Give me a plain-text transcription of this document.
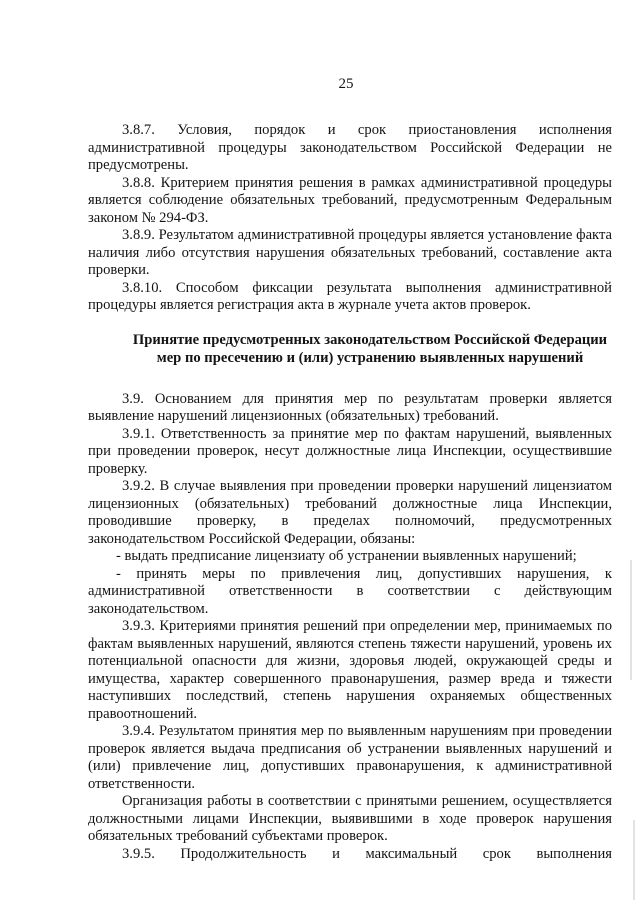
25

3.8.7. Условия, порядок и срок приостановления исполнения административной процедуры законодательством Российской Федерации не предусмотрены.

3.8.8. Критерием принятия решения в рамках административной процедуры является соблюдение обязательных требований, предусмотренным Федеральным законом № 294-ФЗ.

3.8.9. Результатом административной процедуры является установление факта наличия либо отсутствия нарушения обязательных требований, составление акта проверки.

3.8.10. Способом фиксации результата выполнения административной процедуры является регистрация акта в журнале учета актов проверок.

Принятие предусмотренных законодательством Российской Федерации
мер по пресечению и (или) устранению выявленных нарушений

3.9. Основанием для принятия мер по результатам проверки является выявление нарушений лицензионных (обязательных) требований.

3.9.1. Ответственность за принятие мер по фактам нарушений, выявленных при проведении проверок, несут должностные лица Инспекции, осуществившие проверку.

3.9.2. В случае выявления при проведении проверки нарушений лицензиатом лицензионных (обязательных) требований должностные лица Инспекции, проводившие проверку, в пределах полномочий, предусмотренных законодательством Российской Федерации, обязаны:

- выдать предписание лицензиату об устранении выявленных нарушений;

- принять меры по привлечения лиц, допустивших нарушения, к административной ответственности в соответствии с действующим законодательством.

3.9.3. Критериями принятия решений при определении мер, принимаемых по фактам выявленных нарушений, являются степень тяжести нарушений, уровень их потенциальной опасности для жизни, здоровья людей, окружающей среды и имущества, характер совершенного правонарушения, размер вреда и тяжести наступивших последствий, степень нарушения охраняемых общественных правоотношений.

3.9.4. Результатом принятия мер по выявленным нарушениям при проведении проверок является выдача предписания об устранении выявленных нарушений и (или) привлечение лиц, допустивших правонарушения, к административной ответственности.

Организация работы в соответствии с принятыми решением, осуществляется должностными лицами Инспекции, выявившими в ходе проверок нарушения обязательных требований субъектами проверок.

3.9.5. Продолжительность и максимальный срок выполнения
